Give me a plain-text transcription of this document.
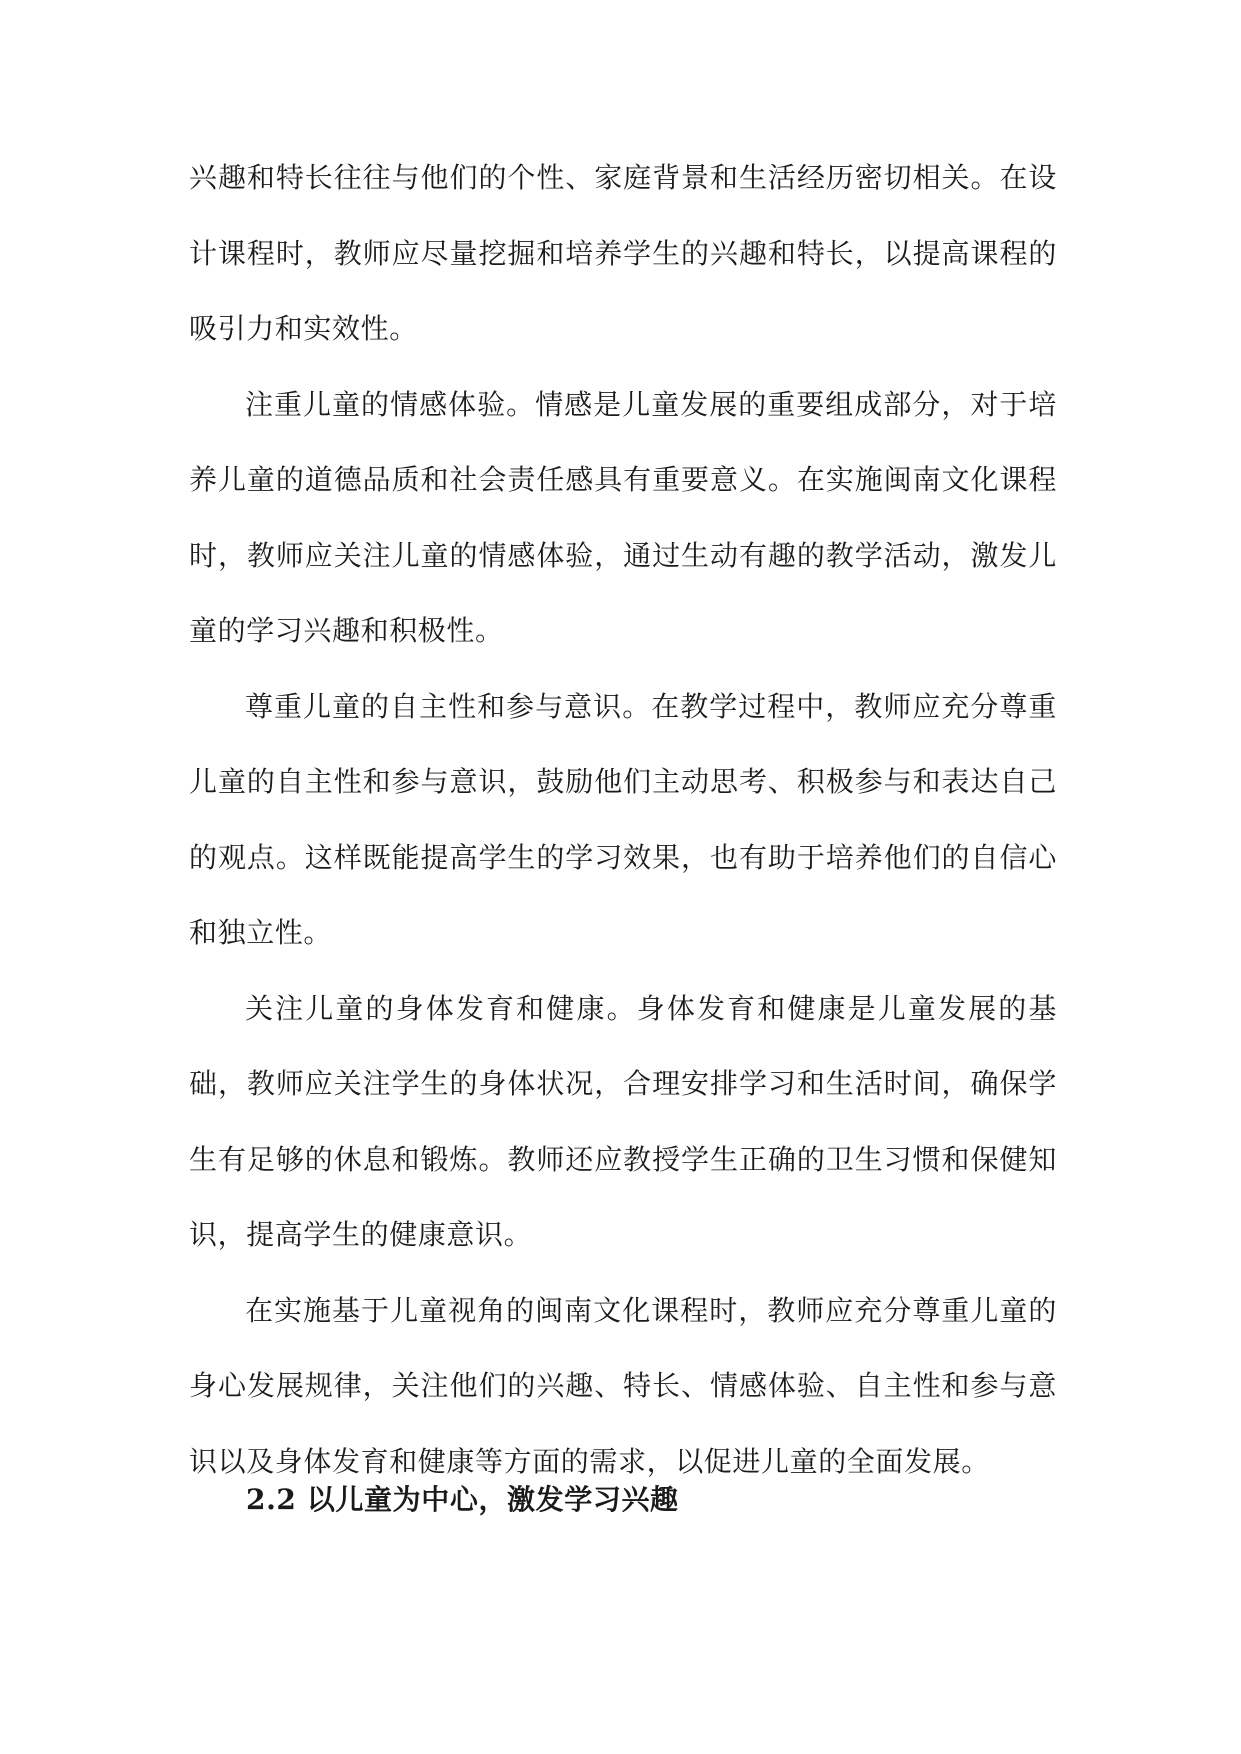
兴趣和特长往往与他们的个性、家庭背景和生活经历密切相关。在设计课程时，教师应尽量挖掘和培养学生的兴趣和特长，以提高课程的吸引力和实效性。

注重儿童的情感体验。情感是儿童发展的重要组成部分，对于培养儿童的道德品质和社会责任感具有重要意义。在实施闽南文化课程时，教师应关注儿童的情感体验，通过生动有趣的教学活动，激发儿童的学习兴趣和积极性。

尊重儿童的自主性和参与意识。在教学过程中，教师应充分尊重儿童的自主性和参与意识，鼓励他们主动思考、积极参与和表达自己的观点。这样既能提高学生的学习效果，也有助于培养他们的自信心和独立性。

关注儿童的身体发育和健康。身体发育和健康是儿童发展的基础，教师应关注学生的身体状况，合理安排学习和生活时间，确保学生有足够的休息和锻炼。教师还应教授学生正确的卫生习惯和保健知识，提高学生的健康意识。

在实施基于儿童视角的闽南文化课程时，教师应充分尊重儿童的身心发展规律，关注他们的兴趣、特长、情感体验、自主性和参与意识以及身体发育和健康等方面的需求，以促进儿童的全面发展。

2.2 以儿童为中心，激发学习兴趣
